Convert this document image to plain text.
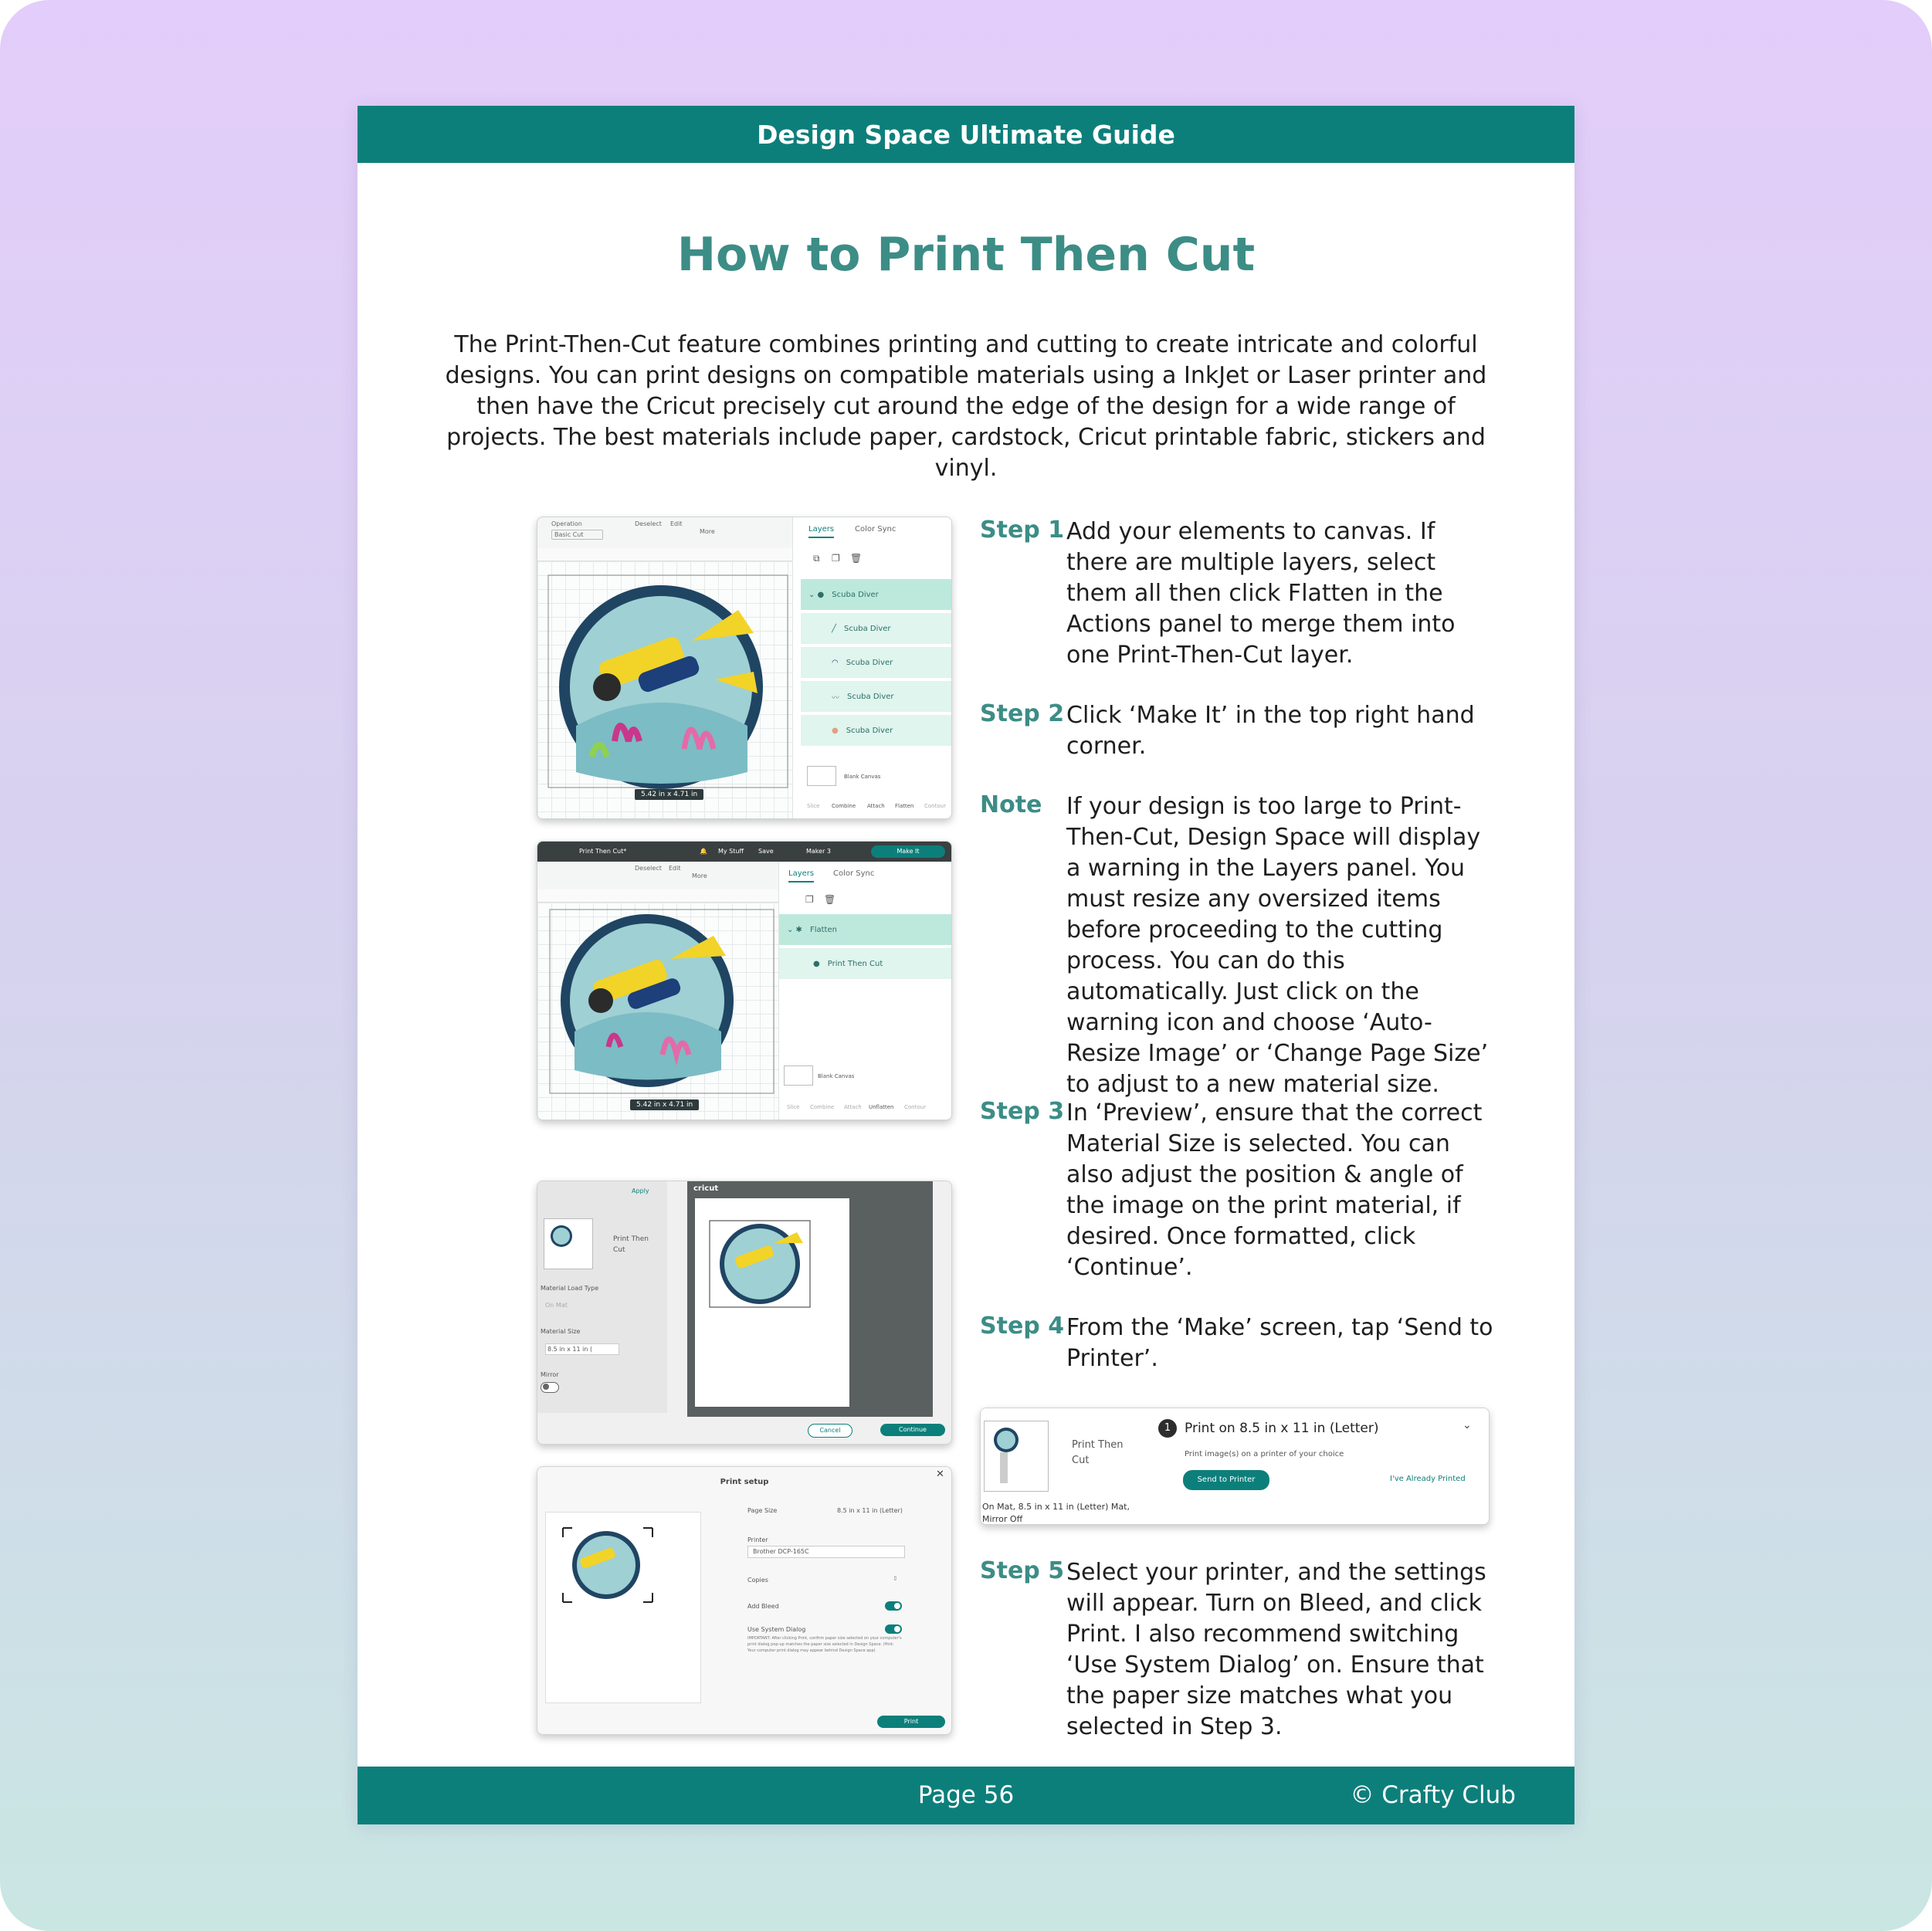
Design Space Ultimate Guide
How to Print Then Cut
The Print-Then-Cut feature combines printing and cutting to create intricate and colorful designs. You can print designs on compatible materials using a InkJet or Laser printer and then have the Cricut precisely cut around the edge of the design for a wide range of projects. The best materials include paper, cardstock, Cricut printable fabric, stickers and vinyl.
Operation
Basic Cut
Deselect Edit
More
5.42 in x 4.71 in
Layers	Color Sync
⧉ ❐ 🗑
⌄ ● Scuba Diver
╱ Scuba Diver
◠ Scuba Diver
〰 Scuba Diver
● Scuba Diver
Blank Canvas
Slice Combine Attach Flatten Contour
Print Then Cut*	🔔 My Stuff Save	Maker 3	Make It
Deselect Edit
More
5.42 in x 4.71 in
Layers Color Sync
❐ 🗑
⌄ ✱ Flatten
● Print Then Cut
Blank Canvas
Slice Combine Attach Unflatten Contour
Apply
Print Then Cut
Material Load Type
On Mat
Material Size
8.5 in x 11 in (
Mirror
cricut
Cancel	Continue
Print setup
✕
Page Size	8.5 in x 11 in (Letter)
Printer
Brother DCP-165C
Copies	⇕
Add Bleed
Use System Dialog
IMPORTANT: After clicking Print, confirm paper size selected on your computer's print dialog pop-up matches the paper size selected in Design Space. (Hint: Your computer print dialog may appear behind Design Space app)
Print
Print Then Cut
1	Print on 8.5 in x 11 in (Letter)	⌄
Print image(s) on a printer of your choice
Send to Printer	I've Already Printed
On Mat, 8.5 in x 11 in (Letter) Mat, Mirror Off
Step 1 Add your elements to canvas. If there are multiple layers, select them all then click Flatten in the Actions panel to merge them into one Print-Then-Cut layer.
Step 2 Click ‘Make It’ in the top right hand corner.
Note If your design is too large to Print-Then-Cut, Design Space will display a warning in the Layers panel. You must resize any oversized items before proceeding to the cutting process. You can do this automatically. Just click on the warning icon and choose ‘Auto- Resize Image’ or ‘Change Page Size’ to adjust to a new material size.
Step 3 In ‘Preview’, ensure that the correct Material Size is selected. You can also adjust the position & angle of the image on the print material, if desired. Once formatted, click ‘Continue’.
Step 4 From the ‘Make’ screen, tap ‘Send to Printer’.
Step 5 Select your printer, and the settings will appear. Turn on Bleed, and click Print. I also recommend switching ‘Use System Dialog’ on. Ensure that the paper size matches what you selected in Step 3.
Page 56	© Crafty Club
